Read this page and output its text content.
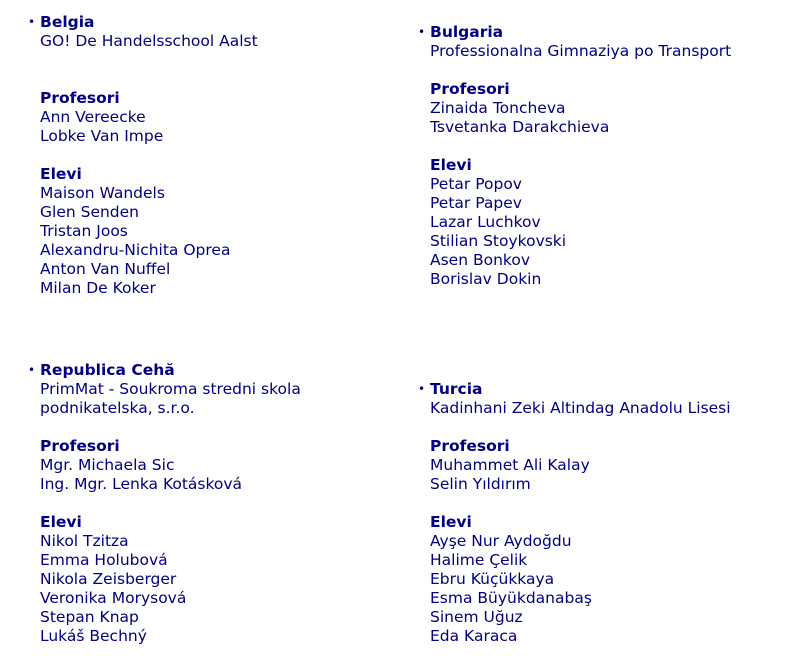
• Belgia
GO! De Handelsschool Aalst
Profesori
Ann Vereecke
Lobke Van Impe
Elevi
Maison Wandels
Glen Senden
Tristan Joos
Alexandru-Nichita Oprea
Anton Van Nuffel
Milan De Koker
• Bulgaria
Professionalna Gimnaziya po Transport
Profesori
Zinaida Toncheva
Tsvetanka Darakchieva
Elevi
Petar Popov
Petar Papev
Lazar Luchkov
Stilian Stoykovski
Asen Bonkov
Borislav Dokin
• Republica Cehă
PrimMat - Soukroma stredni skola
podnikatelska, s.r.o.
Profesori
Mgr. Michaela Sic
Ing. Mgr. Lenka Kotásková
Elevi
Nikol Tzitza
Emma Holubová
Nikola Zeisberger
Veronika Morysová
Stepan Knap
Lukáš Bechný
• Turcia
Kadinhani Zeki Altindag Anadolu Lisesi
Profesori
Muhammet Ali Kalay
Selin Yıldırım
Elevi
Ayşe Nur Aydoğdu
Halime Çelik
Ebru Küçükkaya
Esma Büyükdanabaş
Sinem Uğuz
Eda Karaca
